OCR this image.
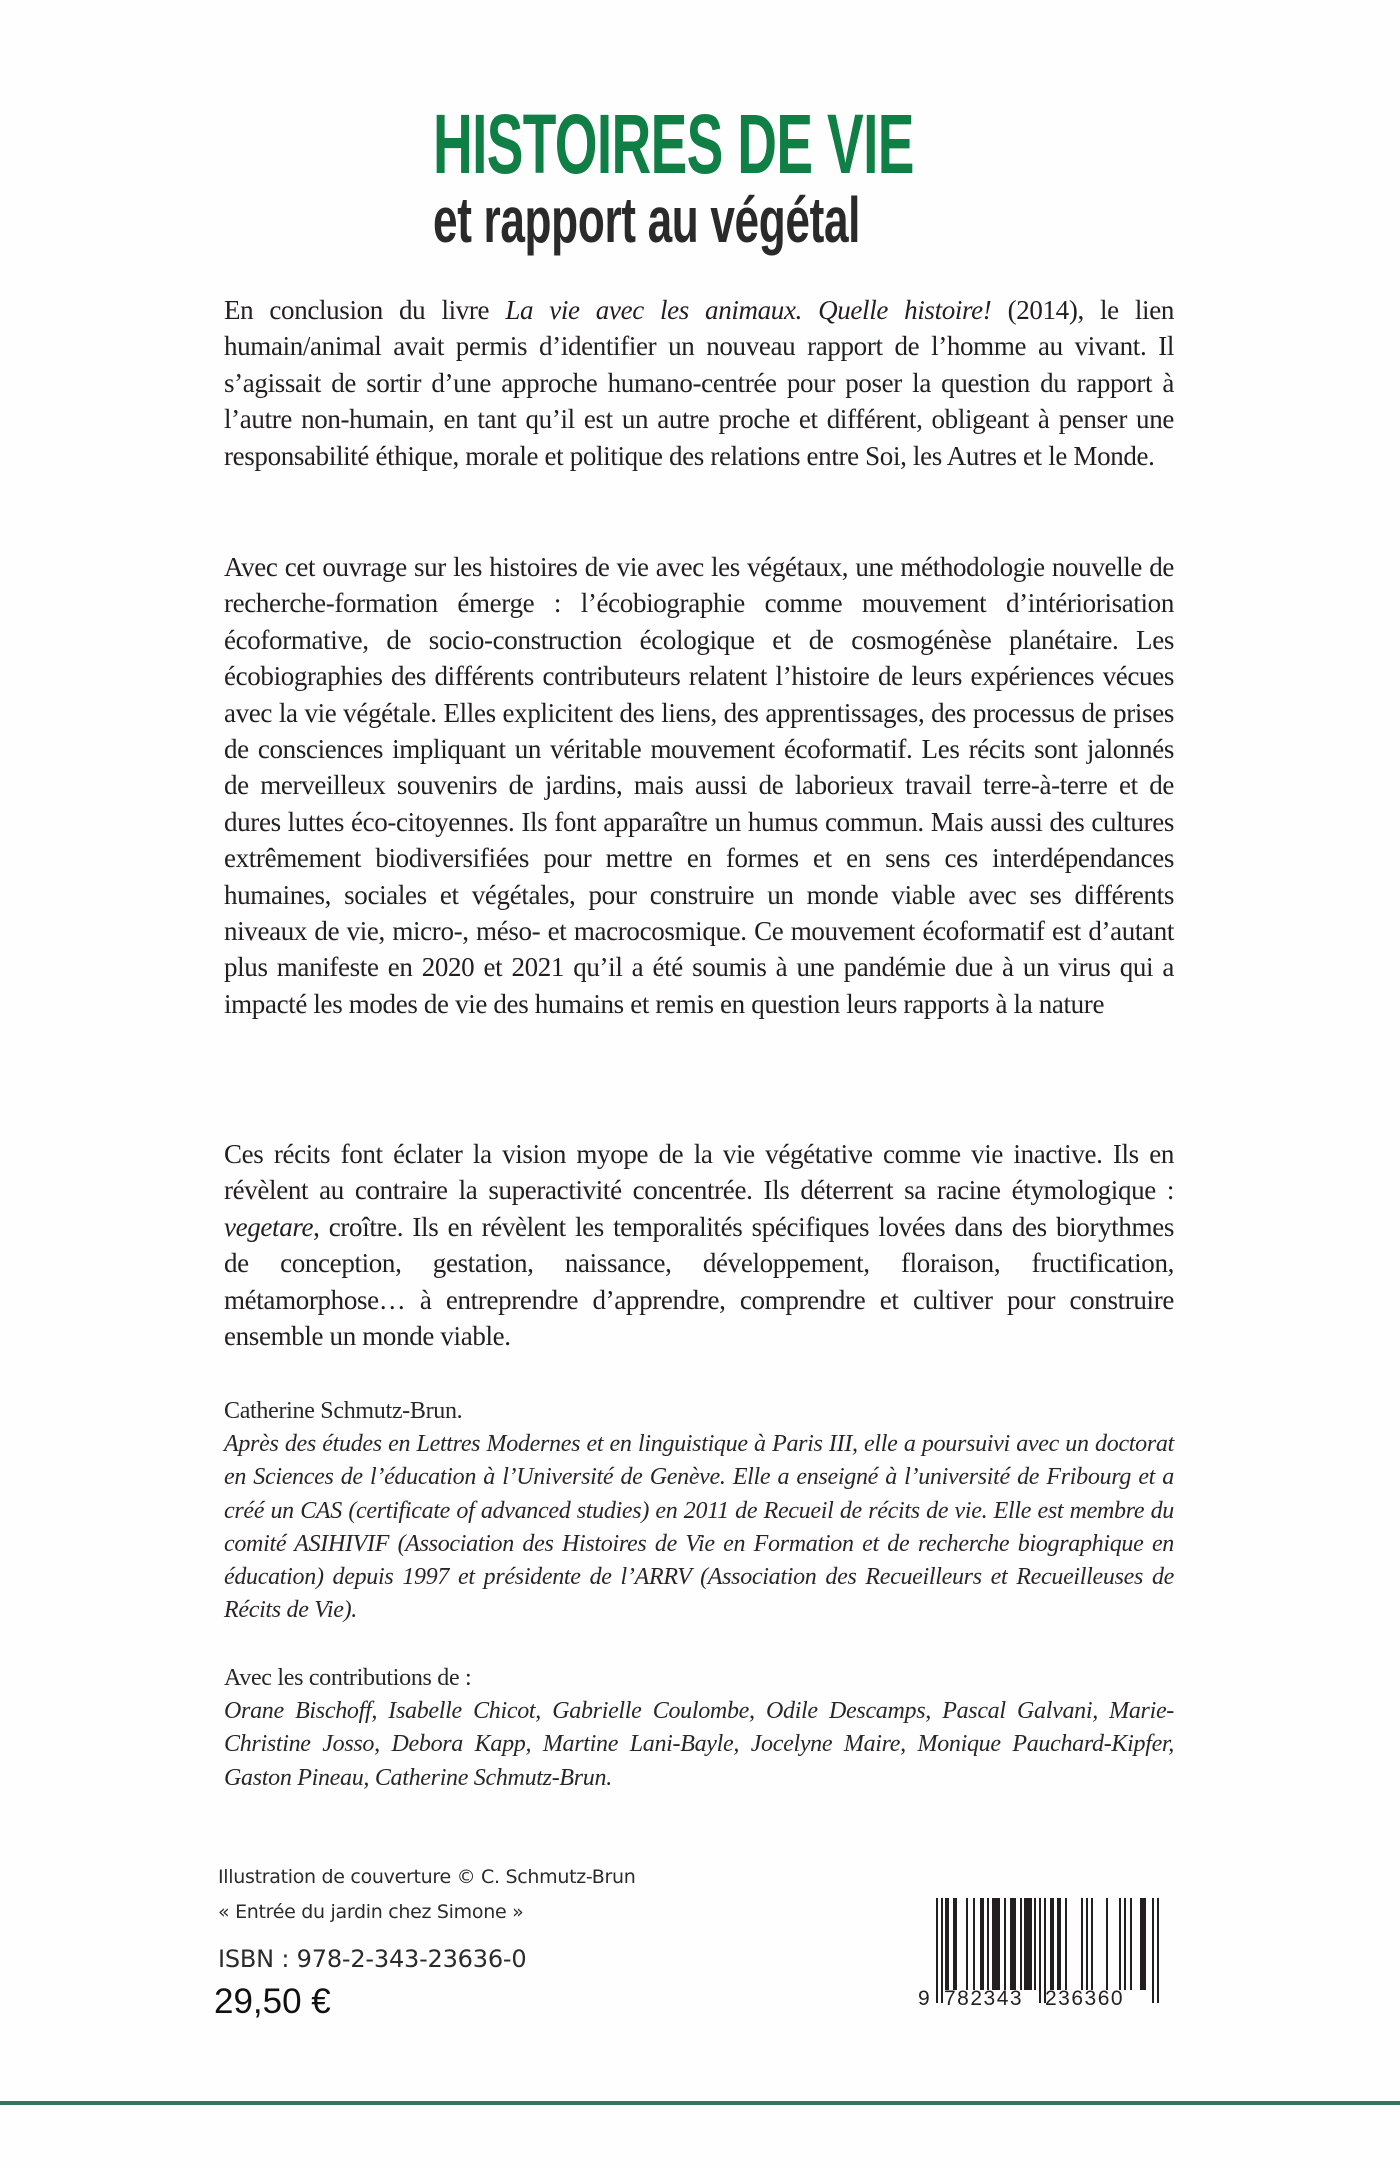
HISTOIRES DE VIE
et rapport au végétal

En conclusion du livre La vie avec les animaux. Quelle histoire! (2014), le lien humain/animal avait permis d’identifier un nouveau rapport de l’homme au vivant. Il s’agissait de sortir d’une approche humano-centrée pour poser la question du rapport à l’autre non-humain, en tant qu’il est un autre proche et différent, obligeant à penser une responsabilité éthique, morale et politique des relations entre Soi, les Autres et le Monde.

Avec cet ouvrage sur les histoires de vie avec les végétaux, une méthodologie nouvelle de recherche-formation émerge : l’écobiographie comme mouvement d’intériorisation écoformative, de socio-construction écologique et de cosmogénèse planétaire. Les écobiographies des différents contributeurs relatent l’histoire de leurs expériences vécues avec la vie végétale. Elles explicitent des liens, des apprentissages, des processus de prises de consciences impliquant un véritable mouvement écoformatif. Les récits sont jalonnés de merveilleux souvenirs de jardins, mais aussi de laborieux travail terre-à-terre et de dures luttes éco-citoyennes. Ils font apparaître un humus commun. Mais aussi des cultures extrêmement biodiversifiées pour mettre en formes et en sens ces interdépendances humaines, sociales et végétales, pour construire un monde viable avec ses différents niveaux de vie, micro-, méso- et macrocosmique. Ce mouvement écoformatif est d’autant plus manifeste en 2020 et 2021 qu’il a été soumis à une pandémie due à un virus qui a impacté les modes de vie des humains et remis en question leurs rapports à la nature

Ces récits font éclater la vision myope de la vie végétative comme vie inactive. Ils en révèlent au contraire la superactivité concentrée. Ils déterrent sa racine étymologique : vegetare, croître. Ils en révèlent les temporalités spécifiques lovées dans des biorythmes de conception, gestation, naissance, développement, floraison, fructification, métamorphose… à entreprendre d’apprendre, comprendre et cultiver pour construire ensemble un monde viable.

Catherine Schmutz-Brun.

Après des études en Lettres Modernes et en linguistique à Paris III, elle a poursuivi avec un doctorat en Sciences de l’éducation à l’Université de Genève. Elle a enseigné à l’université de Fribourg et a créé un CAS (certificate of advanced studies) en 2011 de Recueil de récits de vie. Elle est membre du comité ASIHIVIF (Association des Histoires de Vie en Formation et de recherche biographique en éducation) depuis 1997 et présidente de l’ARRV (Association des Recueilleurs et Recueilleuses de Récits de Vie).

Avec les contributions de :

Orane Bischoff, Isabelle Chicot, Gabrielle Coulombe, Odile Descamps, Pascal Galvani, Marie-Christine Josso, Debora Kapp, Martine Lani-Bayle, Jocelyne Maire, Monique Pauchard-Kipfer, Gaston Pineau, Catherine Schmutz-Brun.

Illustration de couverture © C. Schmutz-Brun
« Entrée du jardin chez Simone »
ISBN : 978-2-343-23636-0
29,50 €	9 782343 236360
